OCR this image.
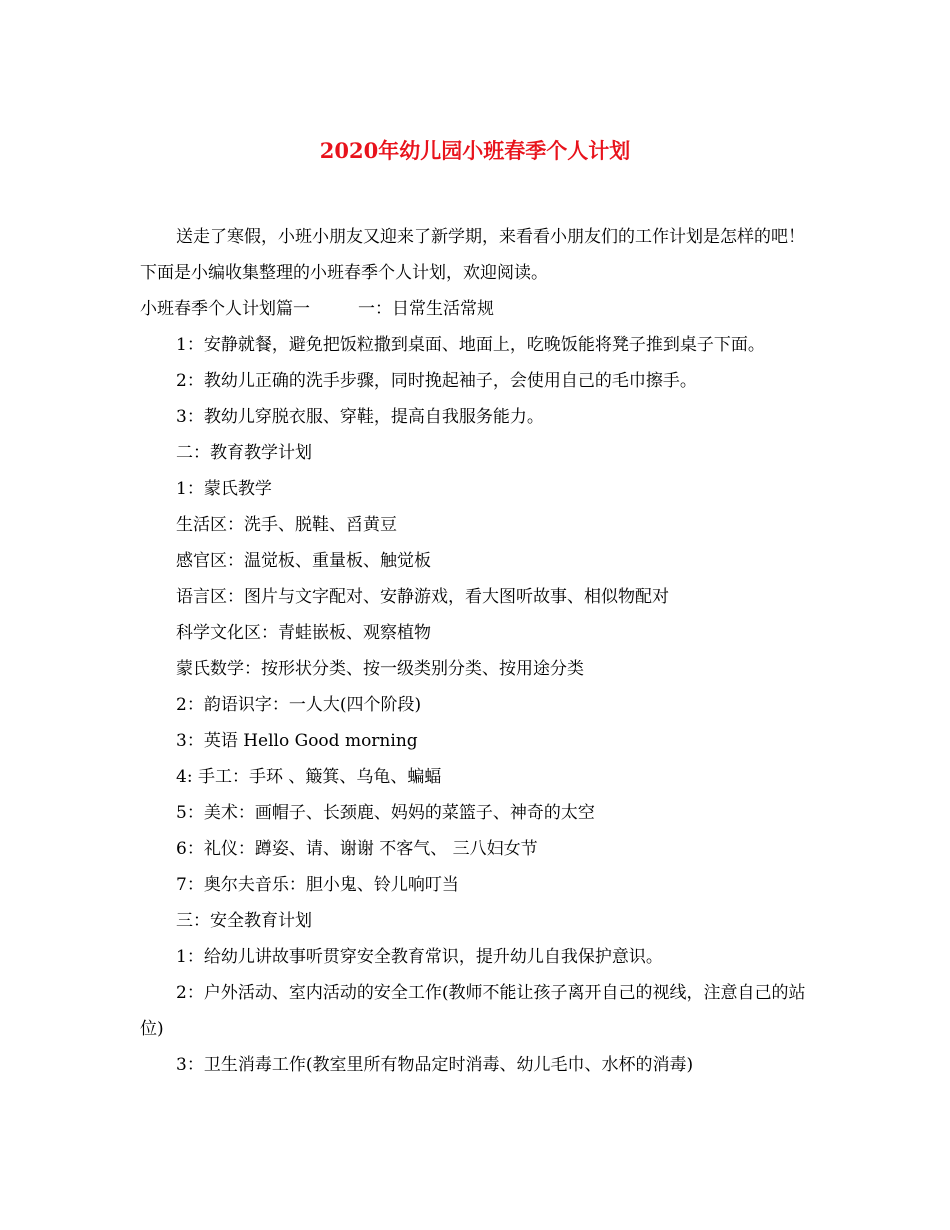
2020年幼儿园小班春季个人计划

送走了寒假，小班小朋友又迎来了新学期，来看看小朋友们的工作计划是怎样的吧！下面是小编收集整理的小班春季个人计划，欢迎阅读。

小班春季个人计划篇一	一：日常生活常规

1：安静就餐，避免把饭粒撒到桌面、地面上，吃晚饭能将凳子推到桌子下面。

2：教幼儿正确的洗手步骤，同时挽起袖子，会使用自己的毛巾擦手。

3：教幼儿穿脱衣服、穿鞋，提高自我服务能力。

二：教育教学计划

1：蒙氏教学

生活区：洗手、脱鞋、舀黄豆

感官区：温觉板、重量板、触觉板

语言区：图片与文字配对、安静游戏，看大图听故事、相似物配对

科学文化区：青蛙嵌板、观察植物

蒙氏数学：按形状分类、按一级类别分类、按用途分类

2：韵语识字：一人大(四个阶段)

3：英语 Hello Good morning

4: 手工：手环 、簸箕、乌龟、蝙蝠

5：美术：画帽子、长颈鹿、妈妈的菜篮子、神奇的太空

6：礼仪：蹲姿、请、谢谢 不客气、 三八妇女节

7：奥尔夫音乐：胆小鬼、铃儿响叮当

三：安全教育计划

1：给幼儿讲故事听贯穿安全教育常识，提升幼儿自我保护意识。

2：户外活动、室内活动的安全工作(教师不能让孩子离开自己的视线，注意自己的站位)

3：卫生消毒工作(教室里所有物品定时消毒、幼儿毛巾、水杯的消毒)
